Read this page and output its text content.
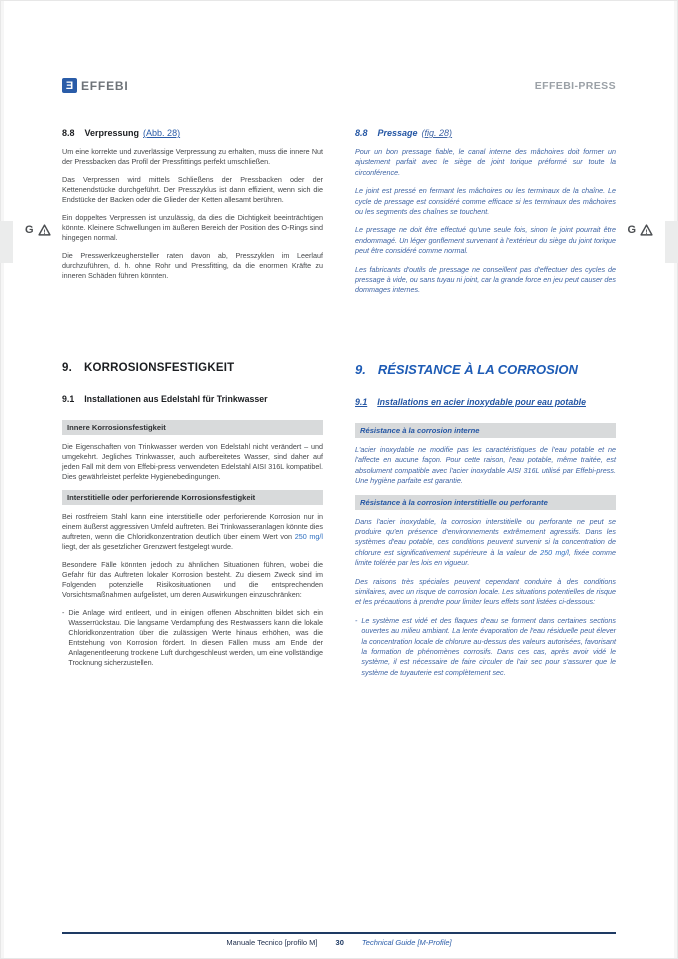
Ǝ EFFEBI	EFFEBI-PRESS
G !	G !
8.8 Verpressung (Abb. 28)

Um eine korrekte und zuverlässige Verpressung zu erhalten, muss die innere Nut der Pressbacken das Profil der Pressfittings perfekt umschließen.

Das Verpressen wird mittels Schließens der Pressbacken oder der Kettenendstücke durchgeführt. Der Presszyklus ist dann effizient, wenn sich die Endstücke der Backen oder die Glieder der Ketten allesamt berühren.

Ein doppeltes Verpressen ist unzulässig, da dies die Dichtigkeit beeinträchtigen könnte. Kleinere Schwellungen im äußeren Bereich der Position des O-Rings sind hingegen normal.

Die Presswerkzeughersteller raten davon ab, Presszyklen im Leerlauf durchzuführen, d. h. ohne Rohr und Pressfitting, da die enormen Kräfte zu inneren Schäden führen könnten.

8.8 Pressage (fig. 28)

Pour un bon pressage fiable, le canal interne des mâchoires doit former un ajustement parfait avec le siège de joint torique préformé sur toute la circonférence.

Le joint est pressé en fermant les mâchoires ou les terminaux de la chaîne. Le cycle de pressage est considéré comme efficace si les terminaux des mâchoires ou les segments des chaînes se touchent.

Le pressage ne doit être effectué qu'une seule fois, sinon le joint pourrait être endommagé. Un léger gonflement survenant à l'extérieur du siège du joint torique peut être considéré comme normal.

Les fabricants d'outils de pressage ne conseillent pas d'effectuer des cycles de pressage à vide, ou sans tuyau ni joint, car la grande force en jeu peut causer des dommages internes.

9. KORROSIONSFESTIGKEIT
9.1 Installationen aus Edelstahl für Trinkwasser
Innere Korrosionsfestigkeit

Die Eigenschaften von Trinkwasser werden von Edelstahl nicht verändert – und umgekehrt. Jegliches Trinkwasser, auch aufbereitetes Wasser, sind daher auf jeden Fall mit dem von Effebi-press verwendeten Edelstahl AISI 316L kompatibel. Dies gewährleistet perfekte Hygienebedingungen.

Interstitielle oder perforierende Korrosionsfestigkeit

Bei rostfreiem Stahl kann eine interstitielle oder perforierende Korrosion nur in einem äußerst aggressiven Umfeld auftreten. Bei Trinkwasseranlagen könnte dies auftreten, wenn die Chloridkonzentration deutlich über einem Wert von 250 mg/l liegt, der als gesetzlicher Grenzwert festgelegt wurde.

Besondere Fälle könnten jedoch zu ähnlichen Situationen führen, wobei die Gefahr für das Auftreten lokaler Korrosion besteht. Zu diesem Zweck sind im Folgenden potenzielle Risikosituationen und die entsprechenden Vorsichtsmaßnahmen aufgelistet, um deren Auswirkungen einzuschränken:

- Die Anlage wird entleert, und in einigen offenen Abschnitten bildet sich ein Wasserrückstau. Die langsame Verdampfung des Restwassers kann die lokale Chloridkonzentration über die zulässigen Werte hinaus erhöhen, was die Entstehung von Korrosion fördert. In diesen Fällen muss am Ende der Anlagenentleerung trockene Luft durchgeschleust werden, um eine vollständige Trocknung sicherzustellen.

9. RÉSISTANCE À LA CORROSION
9.1 Installations en acier inoxydable pour eau potable
Résistance à la corrosion interne

L'acier inoxydable ne modifie pas les caractéristiques de l'eau potable et ne l'affecte en aucune façon. Pour cette raison, l'eau potable, même traitée, est absolument compatible avec l'acier inoxydable AISI 316L utilisé par Effebi-press. Une hygiène parfaite est garantie.

Résistance à la corrosion interstitielle ou perforante

Dans l'acier inoxydable, la corrosion interstitielle ou perforante ne peut se produire qu'en présence d'environnements extrêmement agressifs. Dans les systèmes d'eau potable, ces conditions peuvent survenir si la concentration de chlorure est significativement supérieure à la valeur de 250 mg/l, fixée comme limite tolérée par les lois en vigueur.

Des raisons très spéciales peuvent cependant conduire à des conditions similaires, avec un risque de corrosion locale. Les situations potentielles de risque et les précautions à prendre pour limiter leurs effets sont listées ci-dessous:

- Le système est vidé et des flaques d'eau se forment dans certaines sections ouvertes au milieu ambiant. La lente évaporation de l'eau résiduelle peut élever la concentration locale de chlorure au-dessus des valeurs autorisées, favorisant la formation de phénomènes corrosifs. Dans ces cas, après avoir vidé le système, il est nécessaire de faire circuler de l'air sec pour s'assurer que le système de tuyauterie est complètement sec.

Manuale Tecnico [profilo M] 30 Technical Guide [M-Profile]
